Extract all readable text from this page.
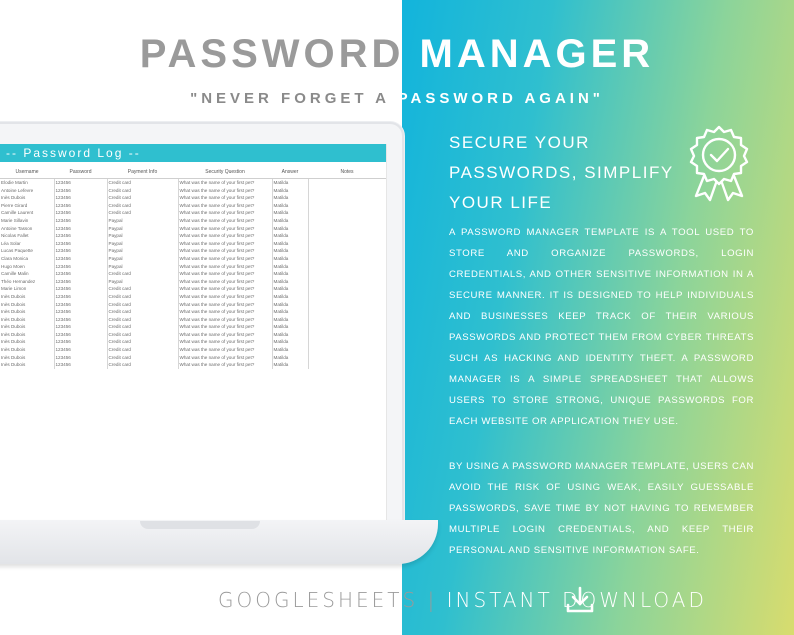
PASSWORD MANAGER
"NEVER FORGET A PASSWORD AGAIN"
-- Password Log --
Username	Password	Payment Info	Security Question	Answer	Notes
Elodie Martin	123456	Credit card	What was the name of your first pet?	Matilda	
Antoine Lefevre	123456	Credit card	What was the name of your first pet?	Matilda	
Inès Dubois	123456	Credit card	What was the name of your first pet?	Matilda	
Pierre Girard	123456	Credit card	What was the name of your first pet?	Matilda	
Camille Laurent	123456	Credit card	What was the name of your first pet?	Matilda	
Marie Sillavin	123456	Paypal	What was the name of your first pet?	Matilda	
Antoine Tasson	123456	Paypal	What was the name of your first pet?	Matilda	
Nicolas Fallet	123456	Paypal	What was the name of your first pet?	Matilda	
Léa Solar	123456	Paypal	What was the name of your first pet?	Matilda	
Lucas Paquette	123456	Paypal	What was the name of your first pet?	Matilda	
Clara Monica	123456	Paypal	What was the name of your first pet?	Matilda	
Hugo Moen	123456	Paypal	What was the name of your first pet?	Matilda	
Camille Malin	123456	Credit card	What was the name of your first pet?	Matilda	
Théo Hernandez	123456	Paypal	What was the name of your first pet?	Matilda	
Marie Limon	123456	Credit card	What was the name of your first pet?	Matilda	
Inès Dubois	123456	Credit card	What was the name of your first pet?	Matilda	
Inès Dubois	123456	Credit card	What was the name of your first pet?	Matilda	
Inès Dubois	123456	Credit card	What was the name of your first pet?	Matilda	
Inès Dubois	123456	Credit card	What was the name of your first pet?	Matilda	
Inès Dubois	123456	Credit card	What was the name of your first pet?	Matilda	
Inès Dubois	123456	Credit card	What was the name of your first pet?	Matilda	
Inès Dubois	123456	Credit card	What was the name of your first pet?	Matilda	
Inès Dubois	123456	Credit card	What was the name of your first pet?	Matilda	
Inès Dubois	123456	Credit card	What was the name of your first pet?	Matilda	
Inès Dubois	123456	Credit card	What was the name of your first pet?	Matilda	
SECURE YOUR
PASSWORDS, SIMPLIFY
YOUR LIFE
A PASSWORD MANAGER TEMPLATE IS A TOOL USED TO STORE AND ORGANIZE PASSWORDS, LOGIN CREDENTIALS, AND OTHER SENSITIVE INFORMATION IN A SECURE MANNER. IT IS DESIGNED TO HELP INDIVIDUALS AND BUSINESSES KEEP TRACK OF THEIR VARIOUS PASSWORDS AND PROTECT THEM FROM CYBER THREATS SUCH AS HACKING AND IDENTITY THEFT. A PASSWORD MANAGER IS A SIMPLE SPREADSHEET THAT ALLOWS USERS TO STORE STRONG, UNIQUE PASSWORDS FOR EACH WEBSITE OR APPLICATION THEY USE.
BY USING A PASSWORD MANAGER TEMPLATE, USERS CAN AVOID THE RISK OF USING WEAK, EASILY GUESSABLE PASSWORDS, SAVE TIME BY NOT HAVING TO REMEMBER MULTIPLE LOGIN CREDENTIALS, AND KEEP THEIR PERSONAL AND SENSITIVE INFORMATION SAFE.
GOOGLESHEETS | INSTANT DOWNLOAD
